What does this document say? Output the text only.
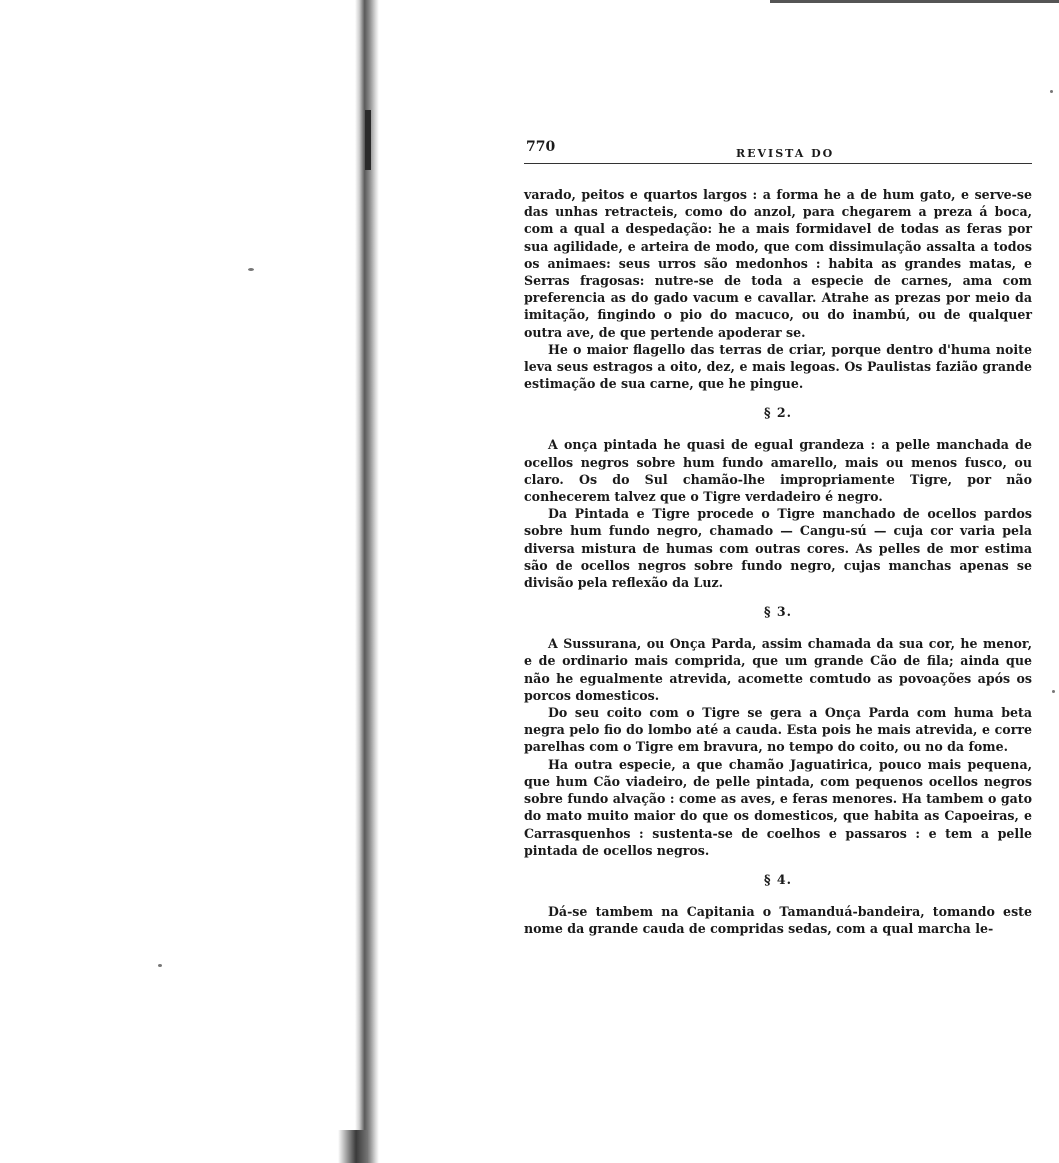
770	REVISTA DO

varado, peitos e quartos largos : a forma he a de hum gato, e serve-se das unhas retracteis, como do anzol, para chegarem a preza á boca, com a qual a despedação: he a mais formidavel de todas as feras por sua agilidade, e arteira de modo, que com dissimulação assalta a todos os animaes: seus urros são medonhos : habita as grandes matas, e Serras fragosas: nutre-se de toda a especie de carnes, ama com preferencia as do gado vacum e cavallar. Atrahe as prezas por meio da imitação, fingindo o pio do macuco, ou do inambú, ou de qualquer outra ave, de que pertende apoderar se.

He o maior flagello das terras de criar, porque dentro d'huma noite leva seus estragos a oito, dez, e mais legoas. Os Paulistas fazião grande estimação de sua carne, que he pingue.

§ 2.

A onça pintada he quasi de egual grandeza : a pelle manchada de ocellos negros sobre hum fundo amarello, mais ou menos fusco, ou claro. Os do Sul chamão-lhe impropriamente Tigre, por não conhecerem talvez que o Tigre verdadeiro é negro.

Da Pintada e Tigre procede o Tigre manchado de ocellos pardos sobre hum fundo negro, chamado — Cangu-sú — cuja cor varia pela diversa mistura de humas com outras cores. As pelles de mor estima são de ocellos negros sobre fundo negro, cujas manchas apenas se divisão pela reflexão da Luz.

§ 3.

A Sussurana, ou Onça Parda, assim chamada da sua cor, he menor, e de ordinario mais comprida, que um grande Cão de fila; ainda que não he egualmente atrevida, acomette comtudo as povoações após os porcos domesticos.

Do seu coito com o Tigre se gera a Onça Parda com huma beta negra pelo fio do lombo até a cauda. Esta pois he mais atrevida, e corre parelhas com o Tigre em bravura, no tempo do coito, ou no da fome.

Ha outra especie, a que chamão Jaguatirica, pouco mais pequena, que hum Cão viadeiro, de pelle pintada, com pequenos ocellos negros sobre fundo alvação : come as aves, e feras menores. Ha tambem o gato do mato muito maior do que os domesticos, que habita as Capoeiras, e Carrasquenhos : sustenta-se de coelhos e passaros : e tem a pelle pintada de ocellos negros.

§ 4.

Dá-se tambem na Capitania o Tamanduá-bandeira, tomando este nome da grande cauda de compridas sedas, com a qual marcha le-
